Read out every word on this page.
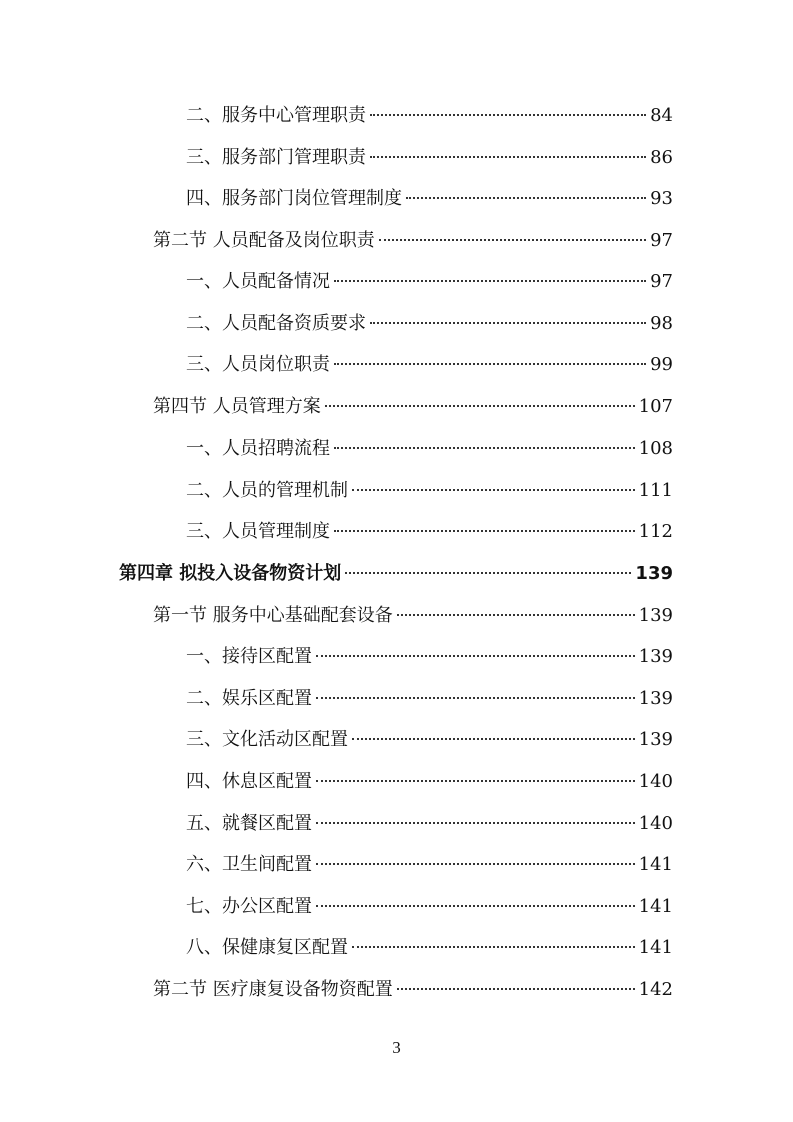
二、服务中心管理职责	84
三、服务部门管理职责	86
四、服务部门岗位管理制度	93
第二节 人员配备及岗位职责	97
一、人员配备情况	97
二、人员配备资质要求	98
三、人员岗位职责	99
第四节 人员管理方案	107
一、人员招聘流程	108
二、人员的管理机制	111
三、人员管理制度	112
第四章 拟投入设备物资计划	139
第一节 服务中心基础配套设备	139
一、接待区配置	139
二、娱乐区配置	139
三、文化活动区配置	139
四、休息区配置	140
五、就餐区配置	140
六、卫生间配置	141
七、办公区配置	141
八、保健康复区配置	141
第二节 医疗康复设备物资配置	142
3
